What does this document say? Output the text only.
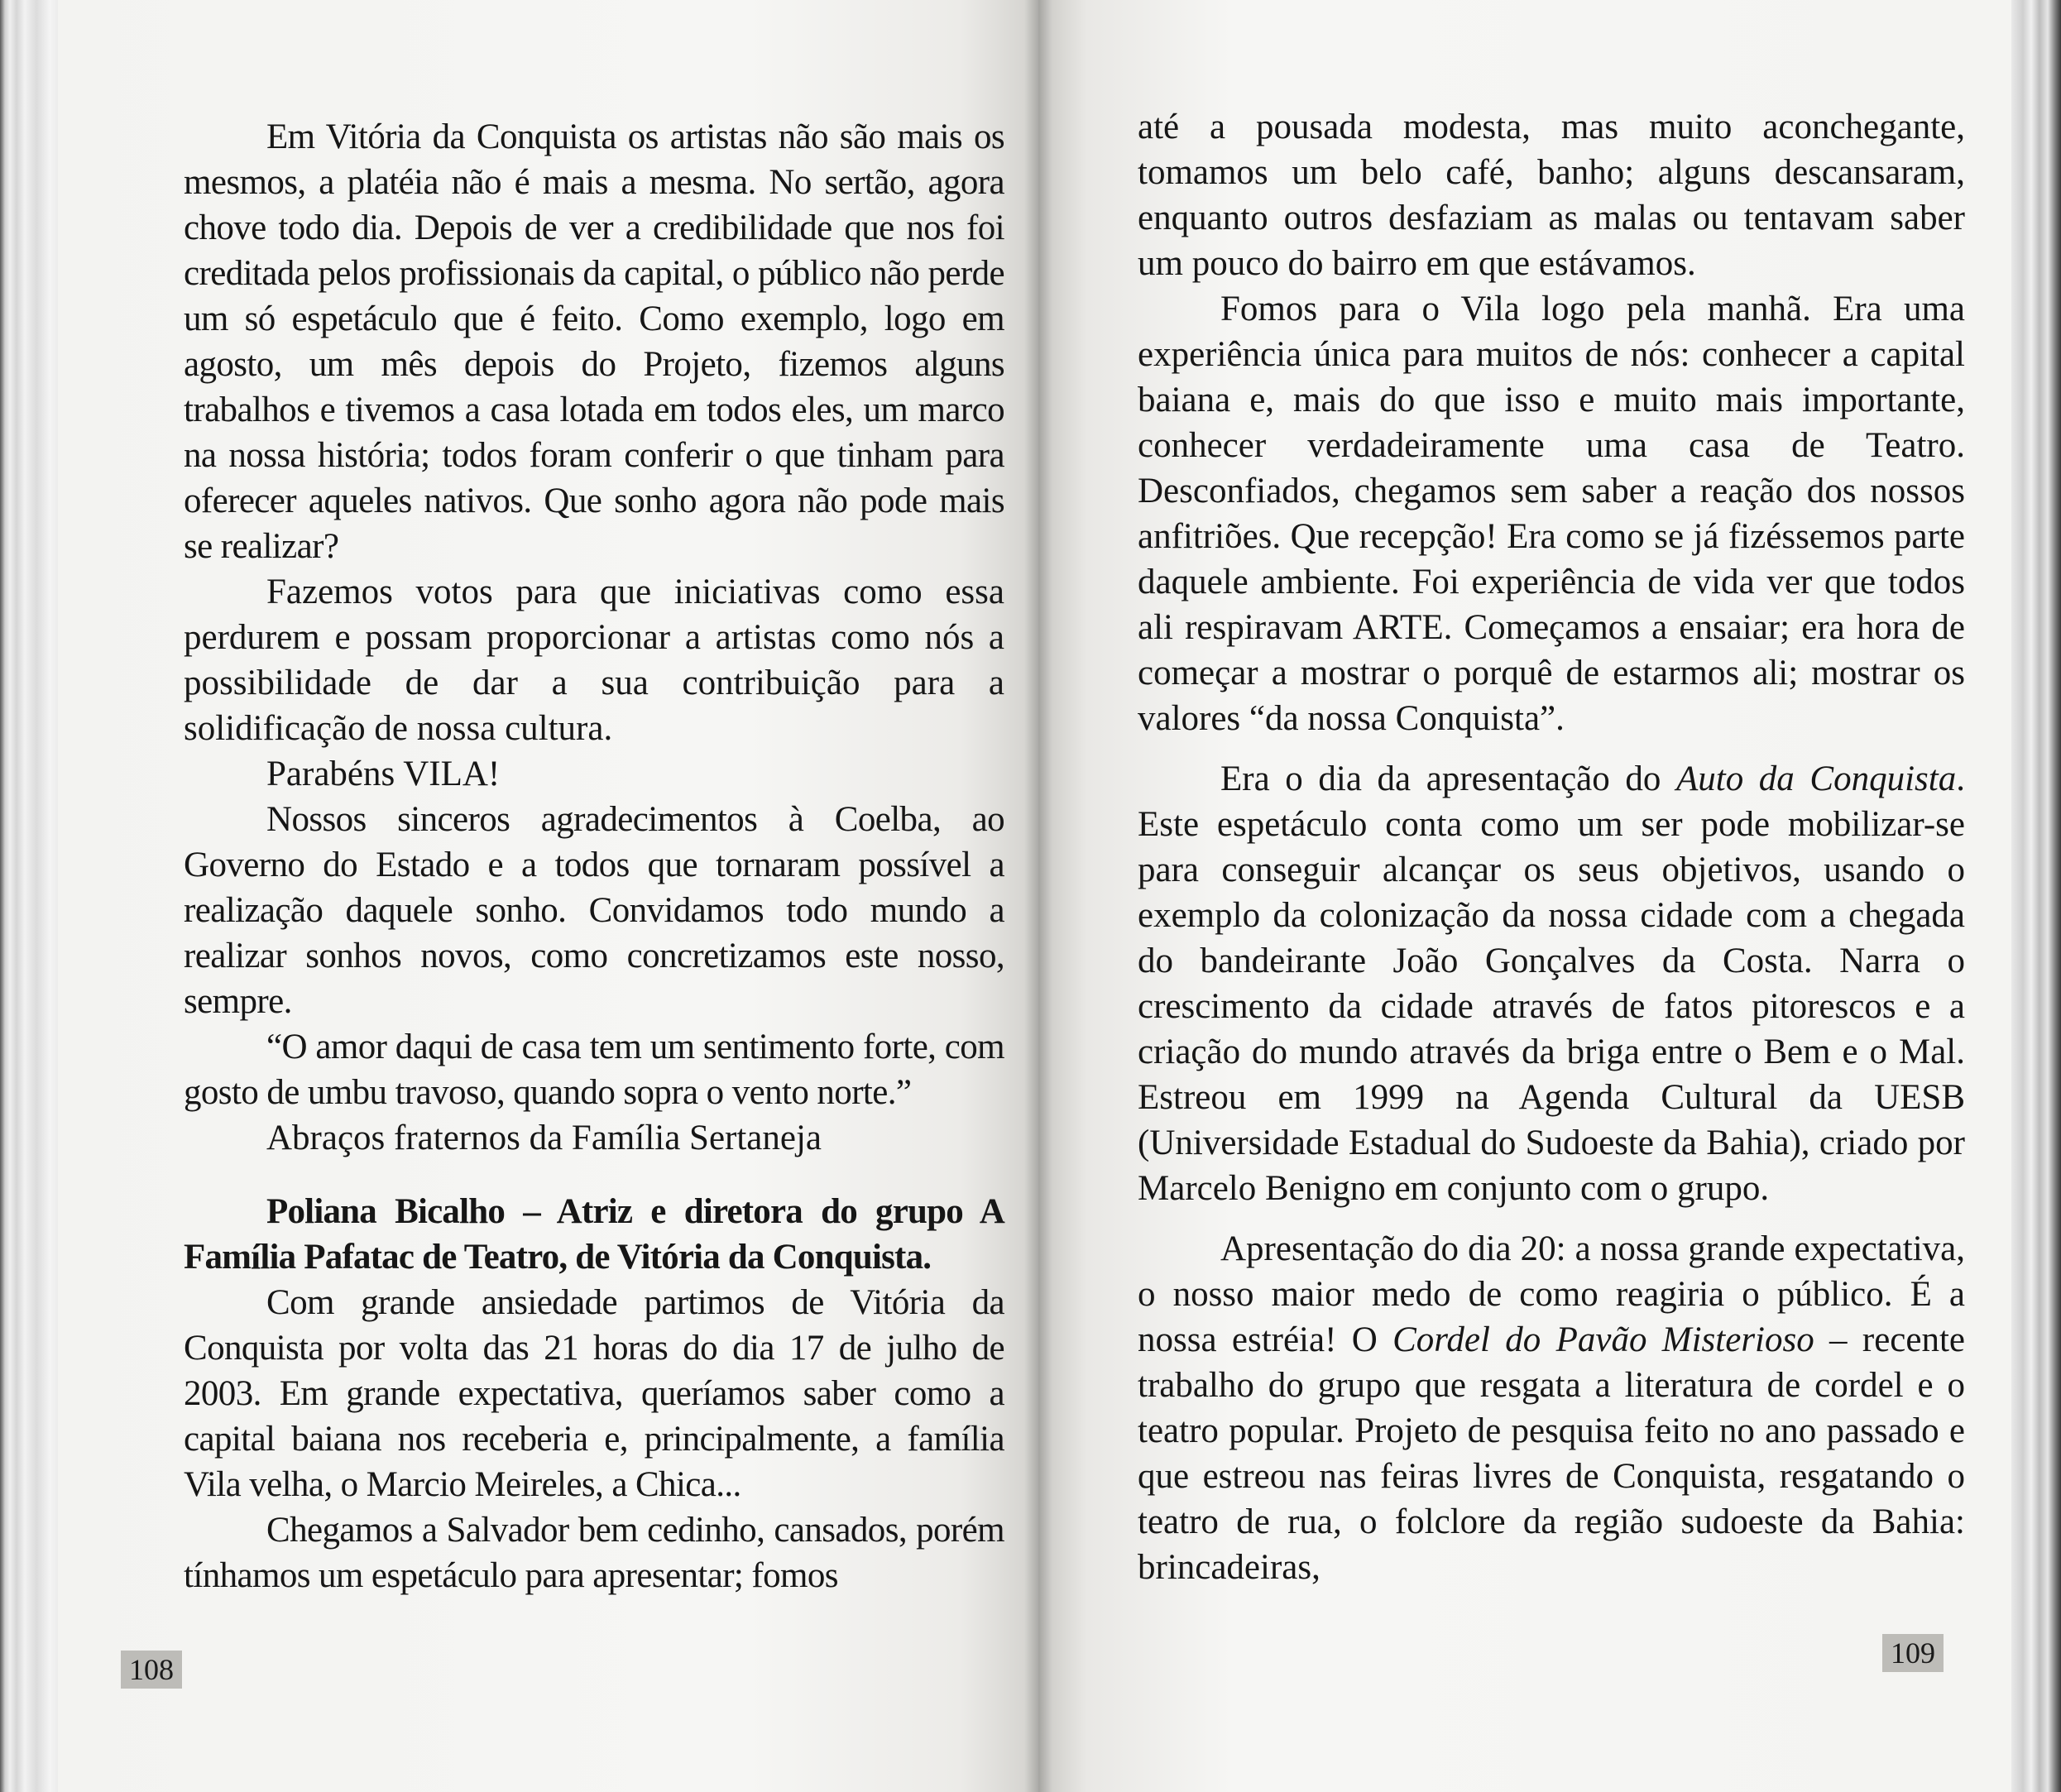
Em Vitória da Conquista os artistas não são mais os mesmos, a platéia não é mais a mesma. No sertão, agora chove todo dia. Depois de ver a credibilidade que nos foi creditada pelos profissionais da capital, o público não perde um só espetáculo que é feito. Como exemplo, logo em agosto, um mês depois do Projeto, fizemos alguns trabalhos e tivemos a casa lotada em todos eles, um marco na nossa história; todos foram conferir o que tinham para oferecer aqueles nativos. Que sonho agora não pode mais se realizar?

Fazemos votos para que iniciativas como essa perdurem e possam proporcionar a artistas como nós a possibilidade de dar a sua contribuição para a solidificação de nossa cultura.

Parabéns VILA!

Nossos sinceros agradecimentos à Coelba, ao Governo do Estado e a todos que tornaram possível a realização daquele sonho. Convidamos todo mundo a realizar sonhos novos, como concretizamos este nosso, sempre.

“O amor daqui de casa tem um sentimento forte, com gosto de umbu travoso, quando sopra o vento norte.”

Abraços fraternos da Família Sertaneja

Poliana Bicalho – Atriz e diretora do grupo A Família Pafatac de Teatro, de Vitória da Conquista.

Com grande ansiedade partimos de Vitória da Conquista por volta das 21 horas do dia 17 de julho de 2003. Em grande expectativa, queríamos saber como a capital baiana nos receberia e, principalmente, a família Vila velha, o Marcio Meireles, a Chica...

Chegamos a Salvador bem cedinho, cansados, porém tínhamos um espetáculo para apresentar; fomos

108

até a pousada modesta, mas muito aconchegante, tomamos um belo café, banho; alguns descansaram, enquanto outros desfaziam as malas ou tentavam saber um pouco do bairro em que estávamos.

Fomos para o Vila logo pela manhã. Era uma experiência única para muitos de nós: conhecer a capital baiana e, mais do que isso e muito mais importante, conhecer verdadeiramente uma casa de Teatro. Desconfiados, chegamos sem saber a reação dos nossos anfitriões. Que recepção! Era como se já fizéssemos parte daquele ambiente. Foi experiência de vida ver que todos ali respiravam ARTE. Começamos a ensaiar; era hora de começar a mostrar o porquê de estarmos ali; mostrar os valores “da nossa Conquista”.

Era o dia da apresentação do Auto da Conquista. Este espetáculo conta como um ser pode mobilizar-se para conseguir alcançar os seus objetivos, usando o exemplo da colonização da nossa cidade com a chegada do bandeirante João Gonçalves da Costa. Narra o crescimento da cidade através de fatos pitorescos e a criação do mundo através da briga entre o Bem e o Mal. Estreou em 1999 na Agenda Cultural da UESB (Universidade Estadual do Sudoeste da Bahia), criado por Marcelo Benigno em conjunto com o grupo.

Apresentação do dia 20: a nossa grande expectativa, o nosso maior medo de como reagiria o público. É a nossa estréia! O Cordel do Pavão Misterioso – recente trabalho do grupo que resgata a literatura de cordel e o teatro popular. Projeto de pesquisa feito no ano passado e que estreou nas feiras livres de Conquista, resgatando o teatro de rua, o folclore da região sudoeste da Bahia: brincadeiras,

109
